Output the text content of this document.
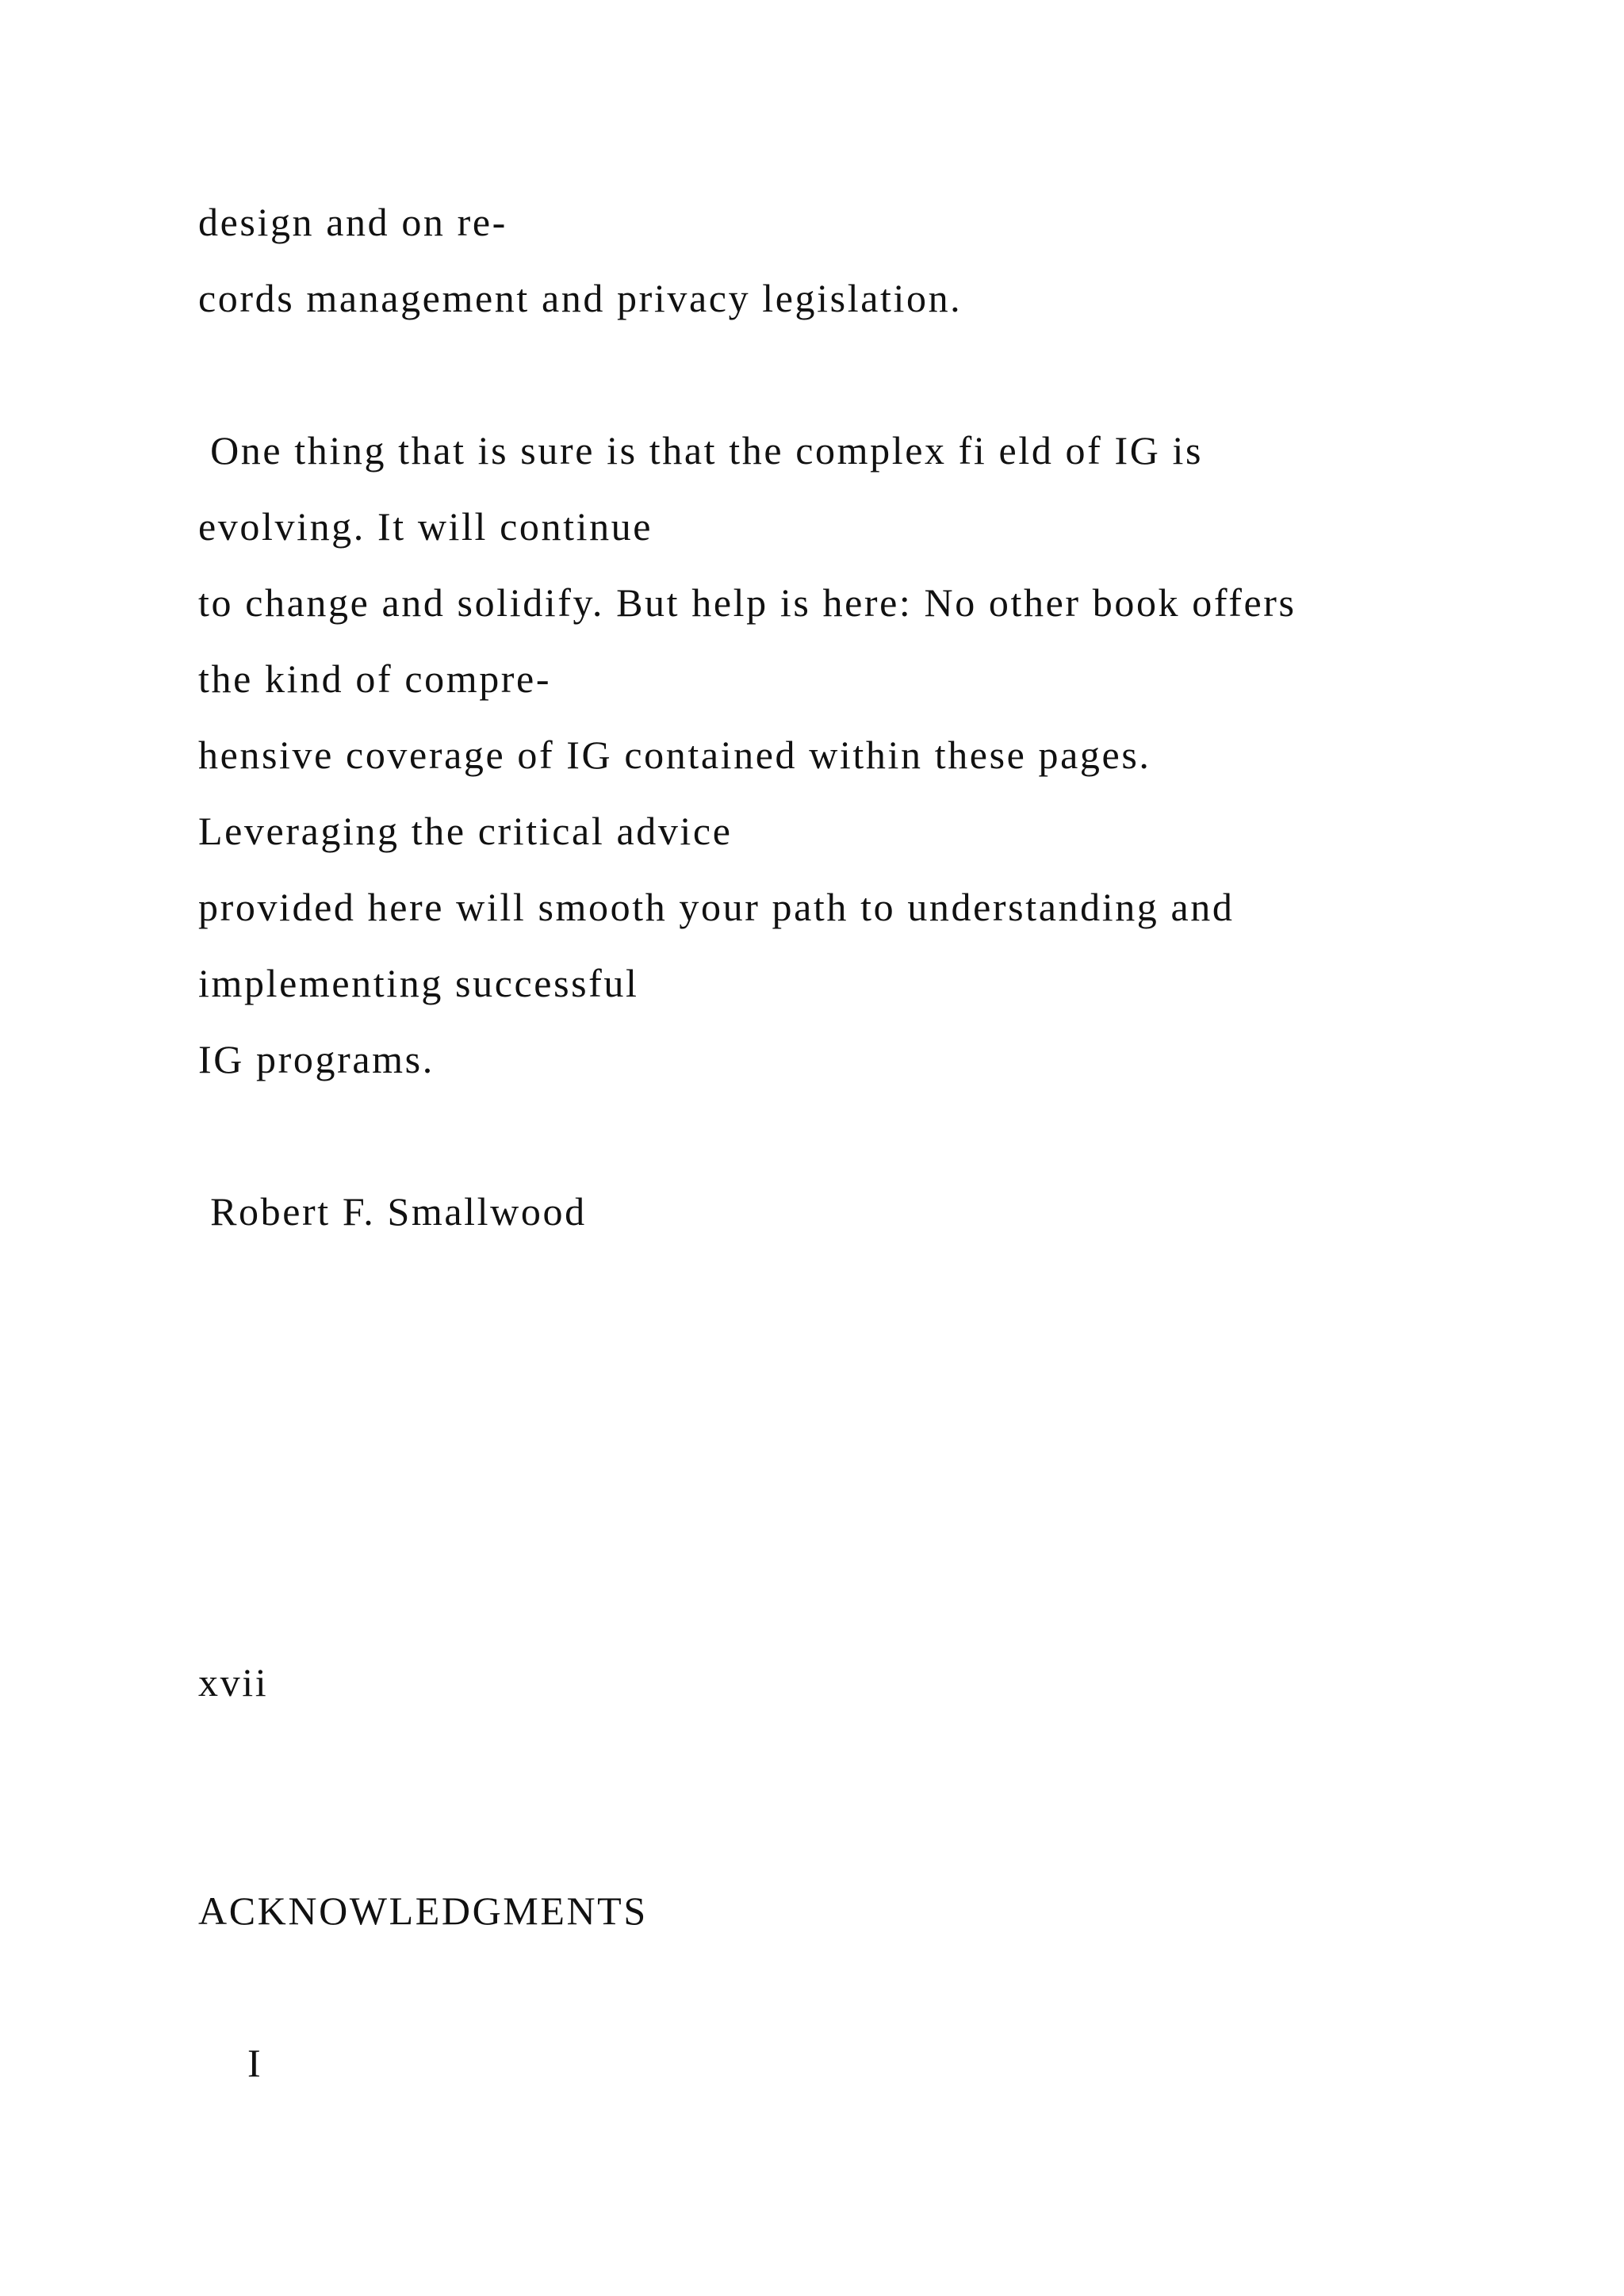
design and on re-

cords management and privacy legislation.

One thing that is sure is that the complex fi eld of IG is

evolving. It will continue

to change and solidify. But help is here: No other book offers

the kind of compre-

hensive coverage of IG contained within these pages.

Leveraging the critical advice

provided here will smooth your path to understanding and

implementing successful

IG programs.

Robert F. Smallwood

xvii

ACKNOWLEDGMENTS

I
